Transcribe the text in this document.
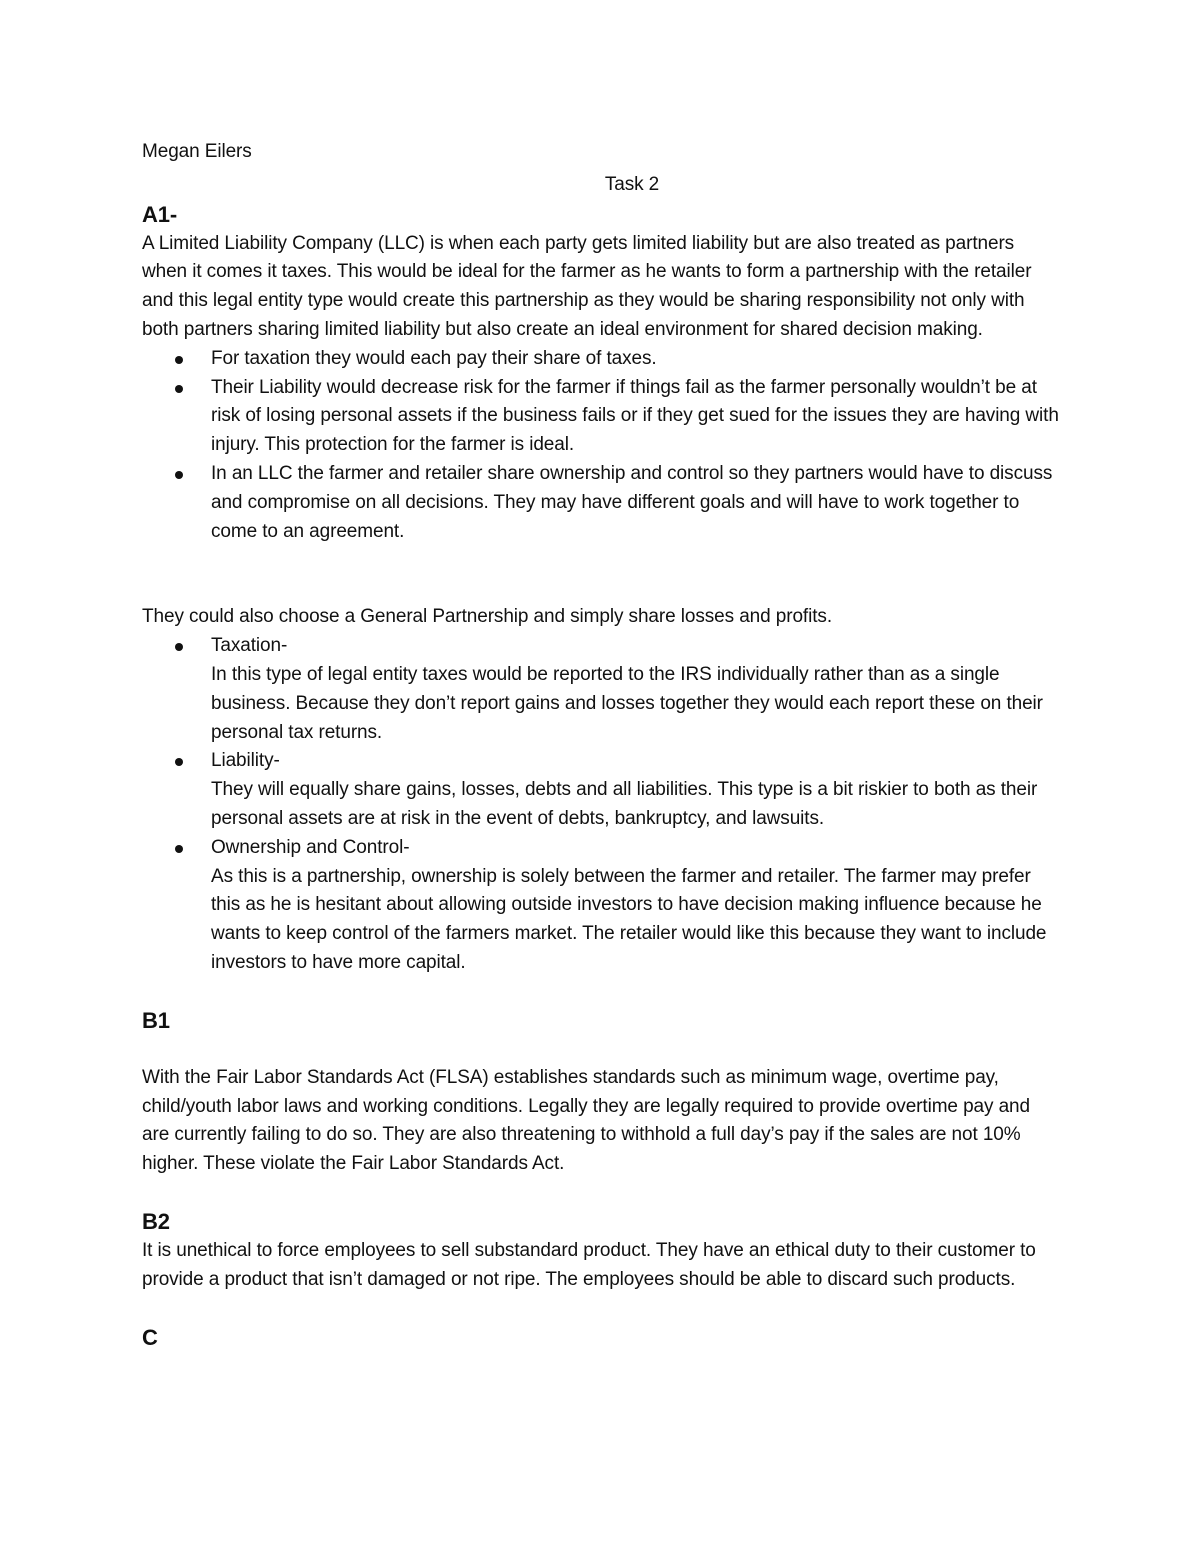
Megan Eilers

Task 2

A1-

A Limited Liability Company (LLC) is when each party gets limited liability but are also treated as partners when it comes it taxes. This would be ideal for the farmer as he wants to form a partnership with the retailer and this legal entity type would create this partnership as they would be sharing responsibility not only with both partners sharing limited liability but also create an ideal environment for shared decision making.

For taxation they would each pay their share of taxes.
Their Liability would decrease risk for the farmer if things fail as the farmer personally wouldn’t be at risk of losing personal assets if the business fails or if they get sued for the issues they are having with injury. This protection for the farmer is ideal.
In an LLC the farmer and retailer share ownership and control so they partners would have to discuss and compromise on all decisions. They may have different goals and will have to work together to come to an agreement.

They could also choose a General Partnership and simply share losses and profits.

Taxation-
In this type of legal entity taxes would be reported to the IRS individually rather than as a single business. Because they don’t report gains and losses together they would each report these on their personal tax returns.
Liability-
They will equally share gains, losses, debts and all liabilities. This type is a bit riskier to both as their personal assets are at risk in the event of debts, bankruptcy, and lawsuits.
Ownership and Control-
As this is a partnership, ownership is solely between the farmer and retailer. The farmer may prefer this as he is hesitant about allowing outside investors to have decision making influence because he wants to keep control of the farmers market. The retailer would like this because they want to include investors to have more capital.

B1

With the Fair Labor Standards Act (FLSA) establishes standards such as minimum wage, overtime pay, child/youth labor laws and working conditions. Legally they are legally required to provide overtime pay and are currently failing to do so. They are also threatening to withhold a full day’s pay if the sales are not 10% higher. These violate the Fair Labor Standards Act.

B2

It is unethical to force employees to sell substandard product. They have an ethical duty to their customer to provide a product that isn’t damaged or not ripe. The employees should be able to discard such products.

C
